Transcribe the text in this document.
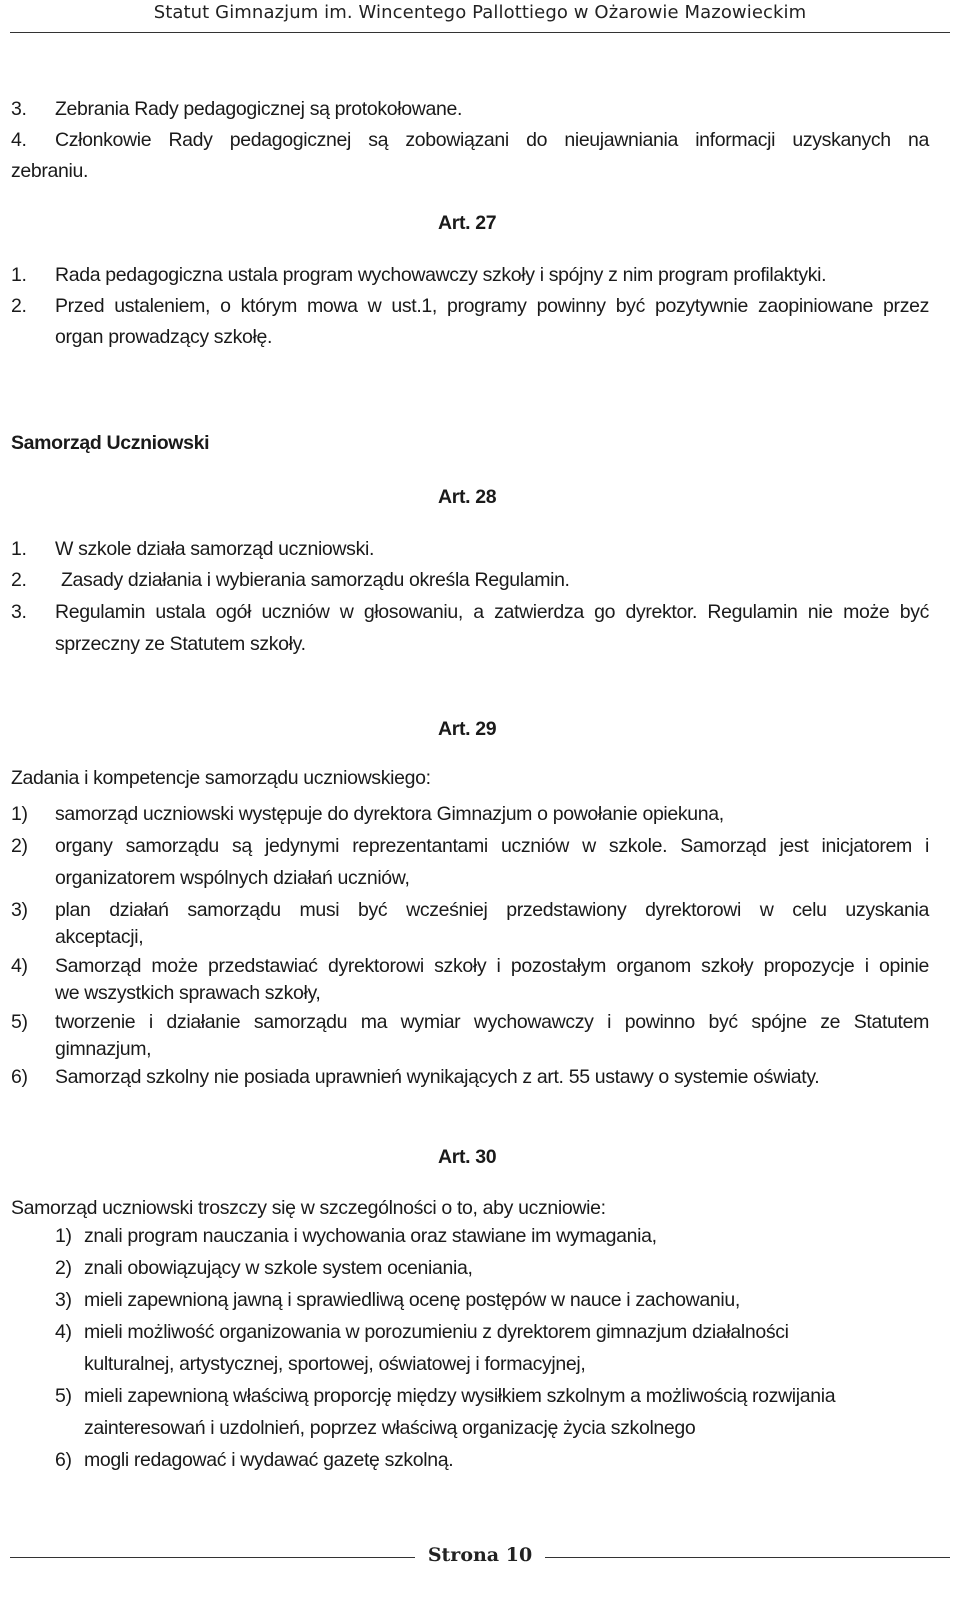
Statut Gimnazjum im. Wincentego Pallottiego w Ożarowie Mazowieckim
3. Zebrania Rady pedagogicznej są protokołowane.
4. Członkowie Rady pedagogicznej są zobowiązani do nieujawniania informacji uzyskanych na
zebraniu.
Art. 27
1. Rada pedagogiczna ustala program wychowawczy szkoły i spójny z nim program profilaktyki.
2. Przed ustaleniem, o którym mowa w ust.1, programy powinny być pozytywnie zaopiniowane przez
organ prowadzący szkołę.
Samorząd Uczniowski
Art. 28
1. W szkole działa samorząd uczniowski.
2. Zasady działania i wybierania samorządu określa Regulamin.
3. Regulamin ustala ogół uczniów w głosowaniu, a zatwierdza go dyrektor. Regulamin nie może być
sprzeczny ze Statutem szkoły.
Art. 29
Zadania i kompetencje samorządu uczniowskiego:
1) samorząd uczniowski występuje do dyrektora Gimnazjum o powołanie opiekuna,
2) organy samorządu są jedynymi reprezentantami uczniów w szkole. Samorząd jest inicjatorem i
organizatorem wspólnych działań uczniów,
3) plan działań samorządu musi być wcześniej przedstawiony dyrektorowi w celu uzyskania
akceptacji,
4) Samorząd może przedstawiać dyrektorowi szkoły i pozostałym organom szkoły propozycje i opinie
we wszystkich sprawach szkoły,
5) tworzenie i działanie samorządu ma wymiar wychowawczy i powinno być spójne ze Statutem
gimnazjum,
6) Samorząd szkolny nie posiada uprawnień wynikających z art. 55 ustawy o systemie oświaty.
Art. 30
Samorząd uczniowski troszczy się w szczególności o to, aby uczniowie:
1) znali program nauczania i wychowania oraz stawiane im wymagania,
2) znali obowiązujący w szkole system oceniania,
3) mieli zapewnioną jawną i sprawiedliwą ocenę postępów w nauce i zachowaniu,
4) mieli możliwość organizowania w porozumieniu z dyrektorem gimnazjum działalności
kulturalnej, artystycznej, sportowej, oświatowej i formacyjnej,
5) mieli zapewnioną właściwą proporcję między wysiłkiem szkolnym a możliwością rozwijania
zainteresowań i uzdolnień, poprzez właściwą organizację życia szkolnego
6) mogli redagować i wydawać gazetę szkolną.
Strona 10
